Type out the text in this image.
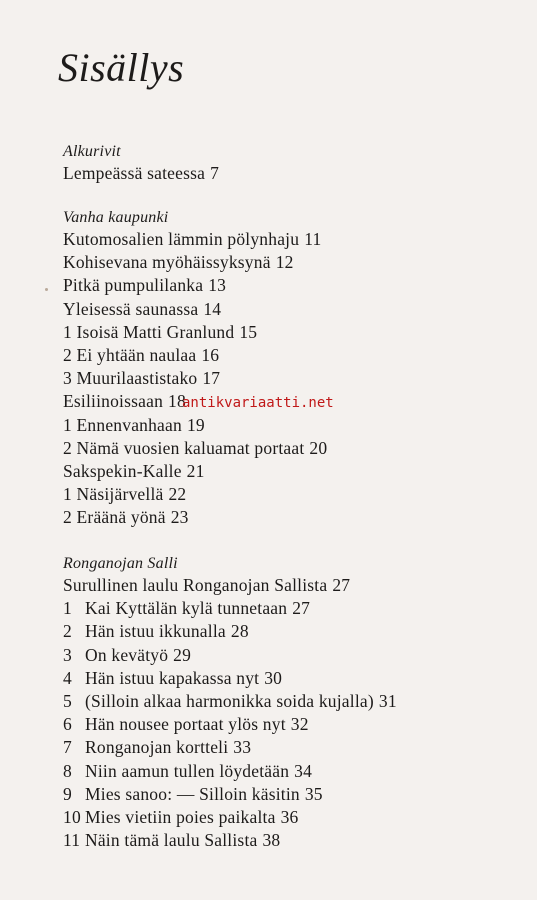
Sisällys
Alkurivit
Lempeässä sateessa 7
Vanha kaupunki
Kutomosalien lämmin pölynhaju 11
Kohisevana myöhäissyksynä 12
Pitkä pumpulilanka 13
Yleisessä saunassa 14
1 Isoisä Matti Granlund 15
2 Ei yhtään naulaa 16
3 Muurilaastistako 17
Esiliinoissaan 18
1 Ennenvanhaan 19
2 Nämä vuosien kaluamat portaat 20
Sakspekin-Kalle 21
1 Näsijärvellä 22
2 Eräänä yönä 23
Ronganojan Salli
Surullinen laulu Ronganojan Sallista 27
1 Kai Kyttälän kylä tunnetaan 27
2 Hän istuu ikkunalla 28
3 On kevätyö 29
4 Hän istuu kapakassa nyt 30
5 (Silloin alkaa harmonikka soida kujalla) 31
6 Hän nousee portaat ylös nyt 32
7 Ronganojan kortteli 33
8 Niin aamun tullen löydetään 34
9 Mies sanoo: — Silloin käsitin 35
10 Mies vietiin poies paikalta 36
11 Näin tämä laulu Sallista 38
antikvariaatti.net
